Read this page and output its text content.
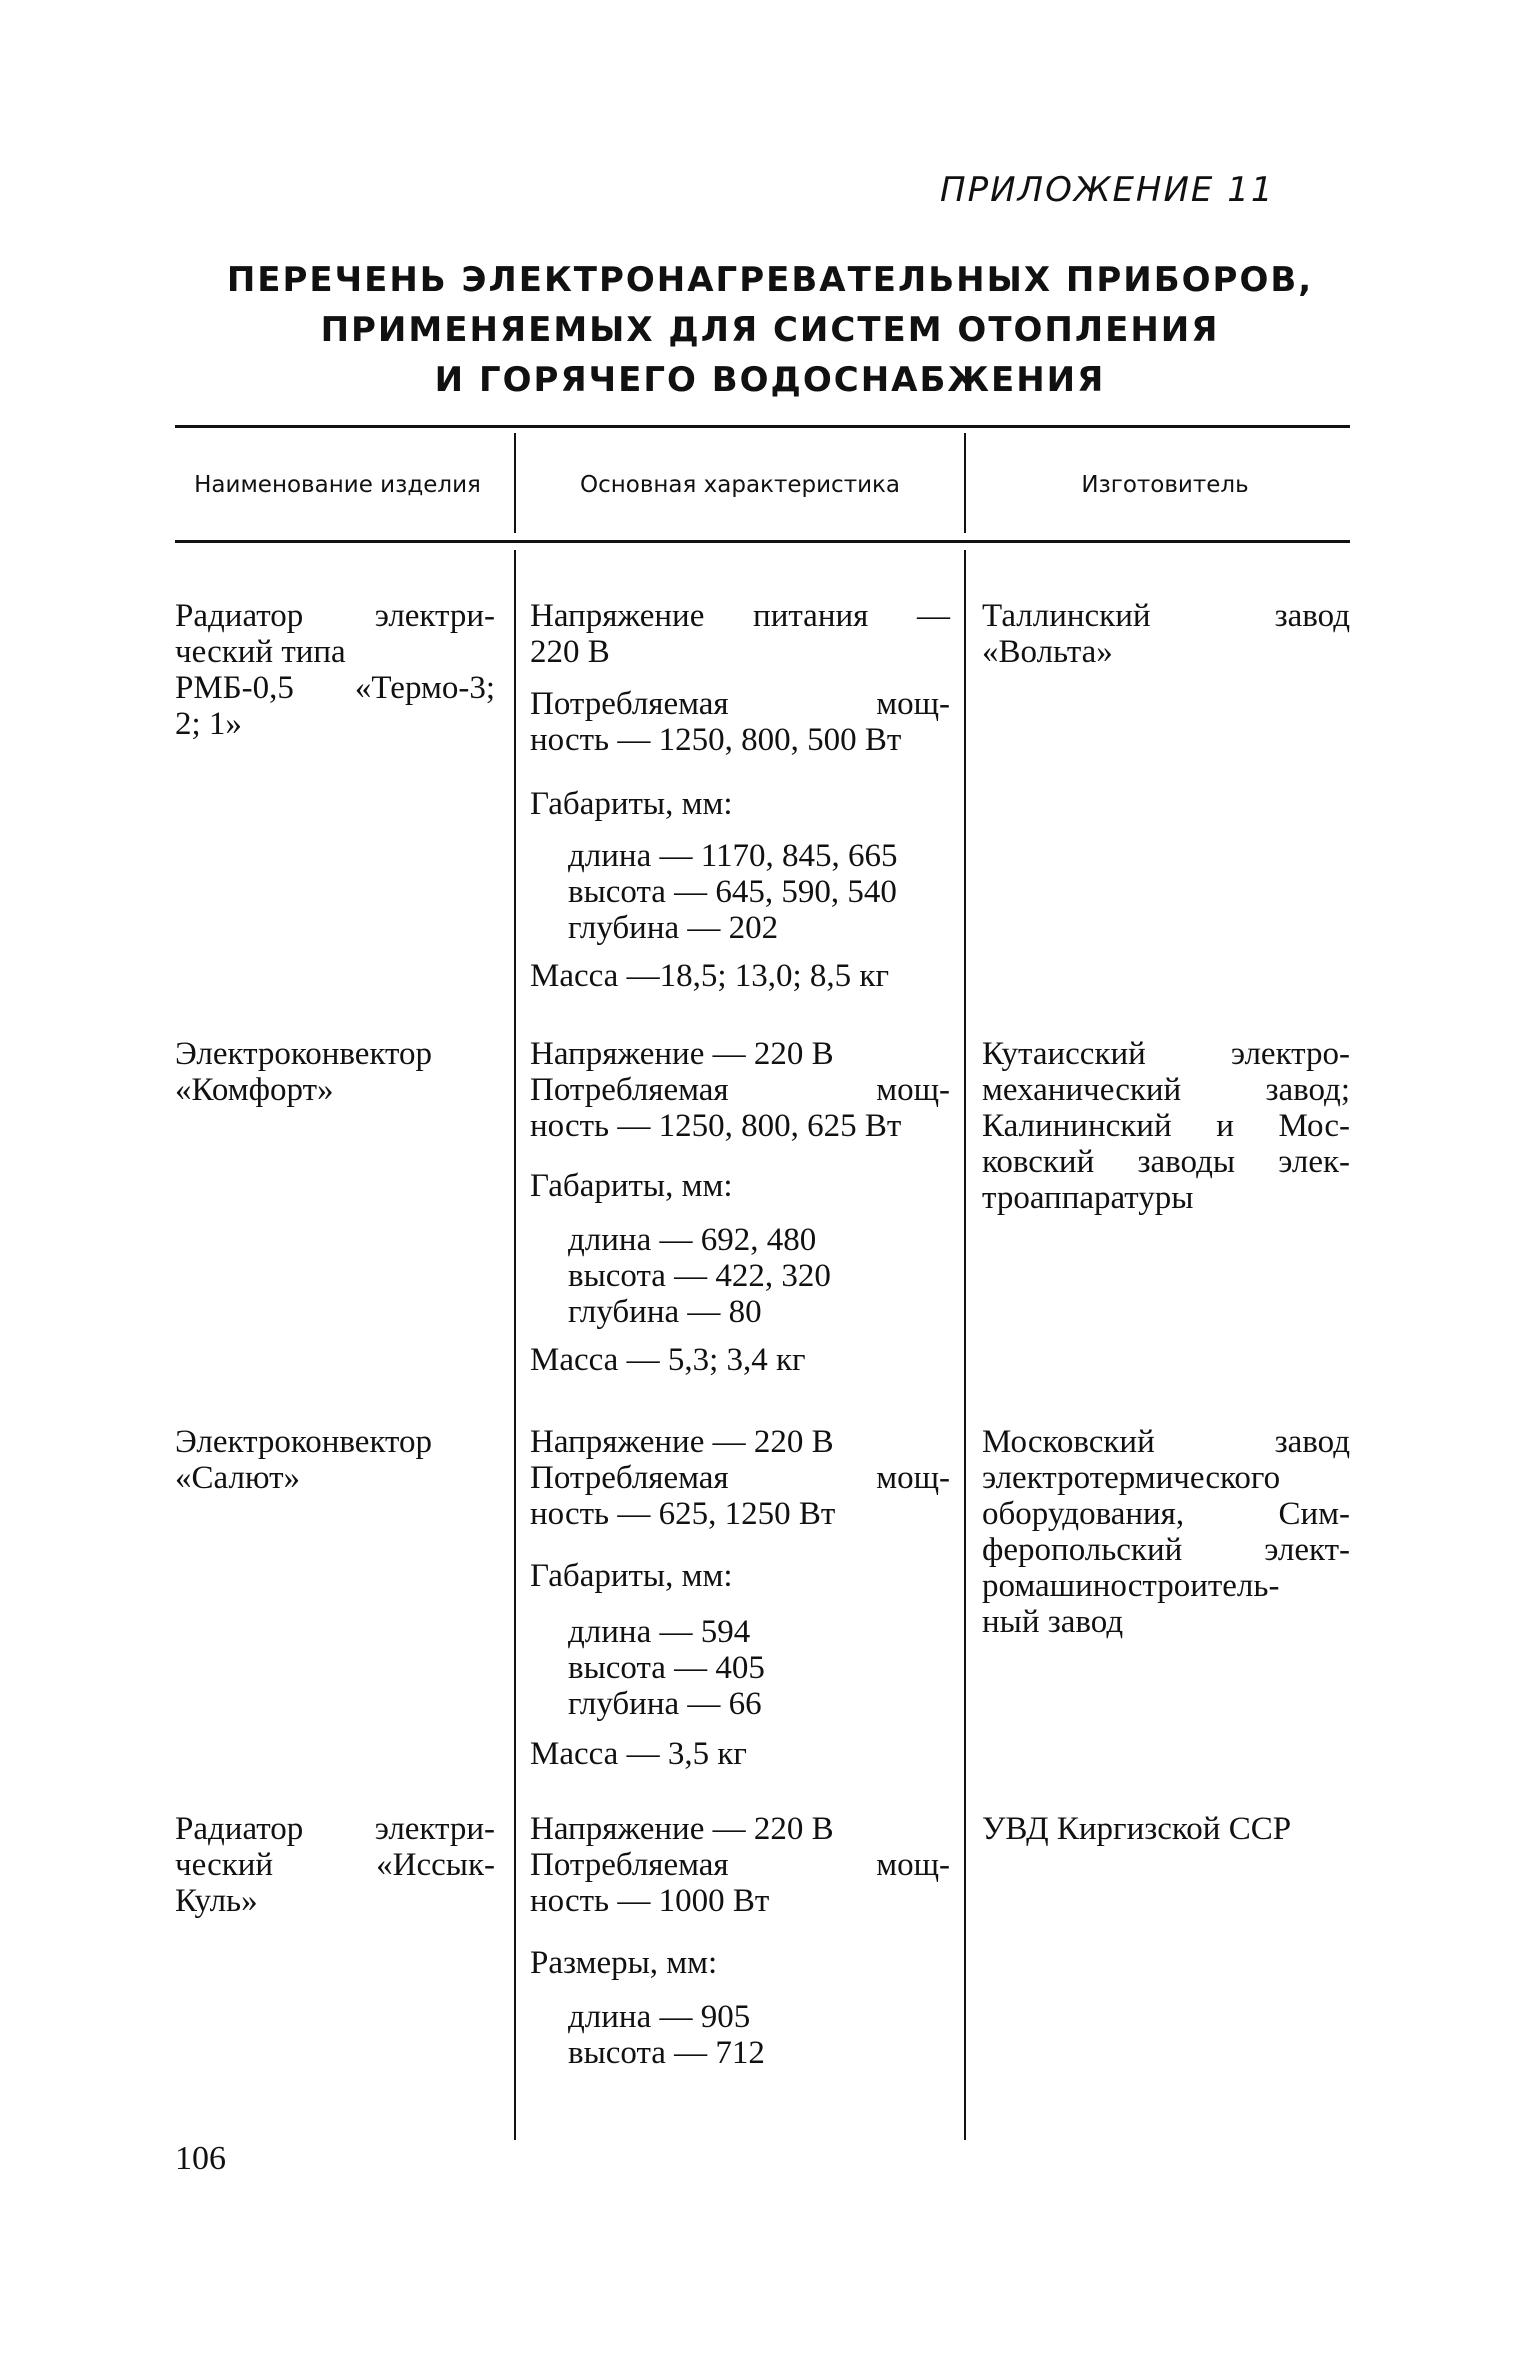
ПРИЛОЖЕНИЕ 11
ПЕРЕЧЕНЬ ЭЛЕКТРОНАГРЕВАТЕЛЬНЫХ ПРИБОРОВ,
ПРИМЕНЯЕМЫХ ДЛЯ СИСТЕМ ОТОПЛЕНИЯ
И ГОРЯЧЕГО ВОДОСНАБЖЕНИЯ
Наименование изделия	Основная характеристика	Изготовитель

Радиатор электри-

ческий типа

РМБ-0,5 «Термо-3;

2; 1»

Напряжение питания —

220 В

Потребляемая мощ-

ность — 1250, 800, 500 Вт

Габариты, мм:

длина — 1170, 845, 665

высота — 645, 590, 540

глубина — 202

Масса —18,5; 13,0; 8,5 кг

Таллинский завод

«Вольта»

Электроконвектор

«Комфорт»

Напряжение — 220 В

Потребляемая мощ-

ность — 1250, 800, 625 Вт

Габариты, мм:

длина — 692, 480

высота — 422, 320

глубина — 80

Масса — 5,3; 3,4 кг

Кутаисский электро-

механический завод;

Калининский и Мос-

ковский заводы элек-

троаппаратуры

Электроконвектор

«Салют»

Напряжение — 220 В

Потребляемая мощ-

ность — 625, 1250 Вт

Габариты, мм:

длина — 594

высота — 405

глубина — 66

Масса — 3,5 кг

Московский завод

электротермического

оборудования, Сим-

феропольский элект-

ромашиностроитель-

ный завод

Радиатор электри-

ческий «Иссык-

Куль»

Напряжение — 220 В

Потребляемая мощ-

ность — 1000 Вт

Размеры, мм:

длина — 905

высота — 712

УВД Киргизской ССР

106
